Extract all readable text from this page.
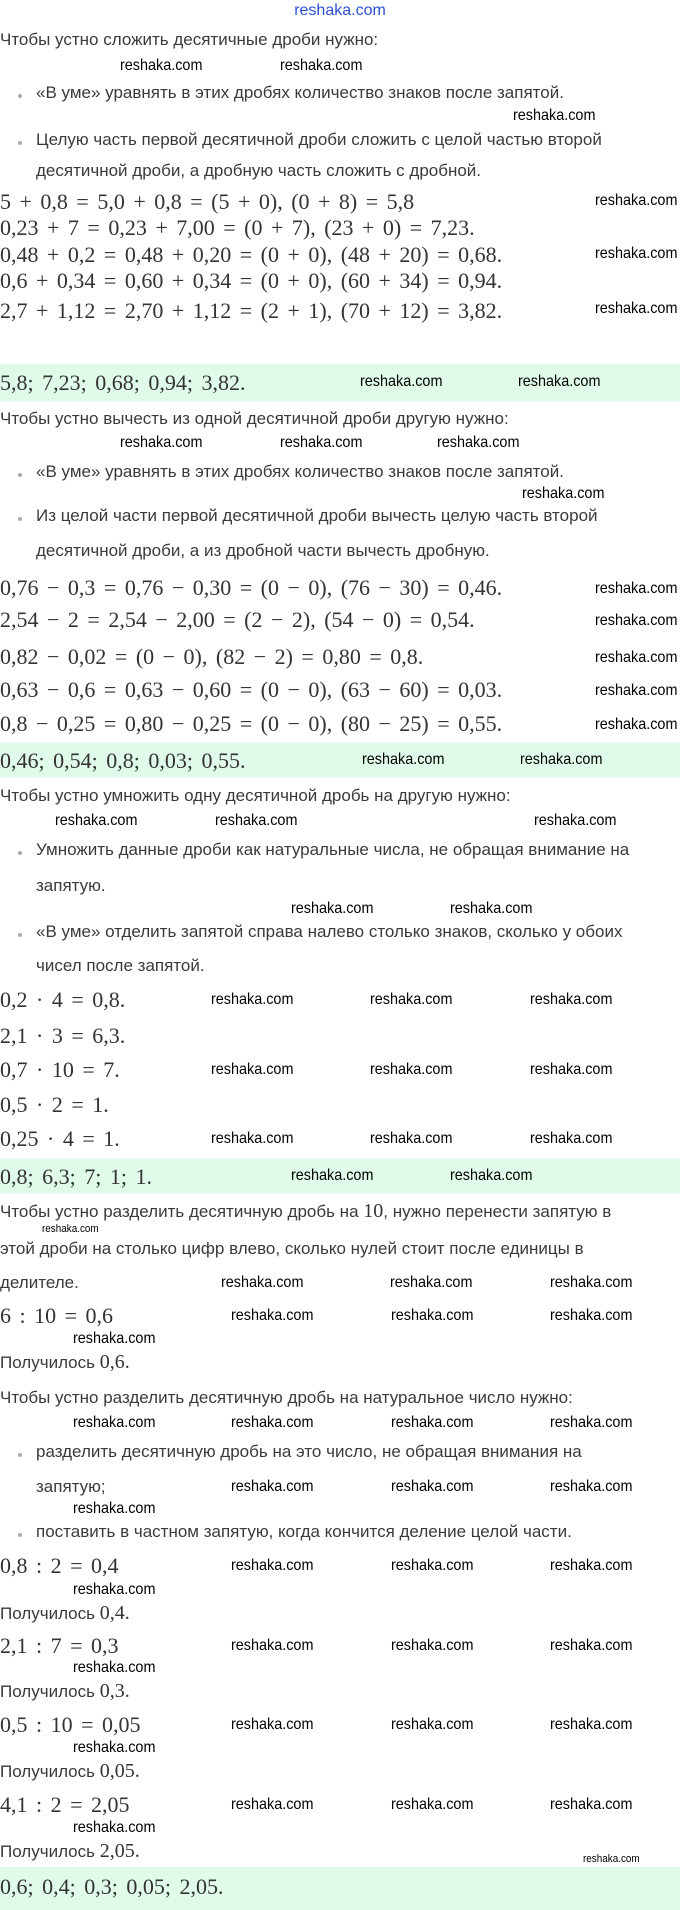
reshaka.com
Чтобы устно сложить десятичные дроби нужно:
«В уме» уравнять в этих дробях количество знаков после запятой.
Целую часть первой десятичной дроби сложить с целой частью второй
десятичной дроби, а дробную часть сложить с дробной.
5 + 0,8 = 5,0 + 0,8 = (5 + 0), (0 + 8) = 5,8
0,23 + 7 = 0,23 + 7,00 = (0 + 7), (23 + 0) = 7,23.
0,48 + 0,2 = 0,48 + 0,20 = (0 + 0), (48 + 20) = 0,68.
0,6 + 0,34 = 0,60 + 0,34 = (0 + 0), (60 + 34) = 0,94.
2,7 + 1,12 = 2,70 + 1,12 = (2 + 1), (70 + 12) = 3,82.
5,8; 7,23; 0,68; 0,94; 3,82.
Чтобы устно вычесть из одной десятичной дроби другую нужно:
«В уме» уравнять в этих дробях количество знаков после запятой.
Из целой части первой десятичной дроби вычесть целую часть второй
десятичной дроби, а из дробной части вычесть дробную.
0,76 − 0,3 = 0,76 − 0,30 = (0 − 0), (76 − 30) = 0,46.
2,54 − 2 = 2,54 − 2,00 = (2 − 2), (54 − 0) = 0,54.
0,82 − 0,02 = (0 − 0), (82 − 2) = 0,80 = 0,8.
0,63 − 0,6 = 0,63 − 0,60 = (0 − 0), (63 − 60) = 0,03.
0,8 − 0,25 = 0,80 − 0,25 = (0 − 0), (80 − 25) = 0,55.
0,46; 0,54; 0,8; 0,03; 0,55.
Чтобы устно умножить одну десятичной дробь на другую нужно:
Умножить данные дроби как натуральные числа, не обращая внимание на
запятую.
«В уме» отделить запятой справа налево столько знаков, сколько у обоих
чисел после запятой.
0,2 · 4 = 0,8.
2,1 · 3 = 6,3.
0,7 · 10 = 7.
0,5 · 2 = 1.
0,25 · 4 = 1.
0,8; 6,3; 7; 1; 1.
Чтобы устно разделить десятичную дробь на 10, нужно перенести запятую в
этой дроби на столько цифр влево, сколько нулей стоит после единицы в
делителе.
6 : 10 = 0,6
Получилось 0,6.
Чтобы устно разделить десятичную дробь на натуральное число нужно:
разделить десятичную дробь на это число, не обращая внимания на
запятую;
поставить в частном запятую, когда кончится деление целой части.
0,8 : 2 = 0,4
Получилось 0,4.
2,1 : 7 = 0,3
Получилось 0,3.
0,5 : 10 = 0,05
Получилось 0,05.
4,1 : 2 = 2,05
Получилось 2,05.
0,6; 0,4; 0,3; 0,05; 2,05.
reshaka.com	reshaka.com
reshaka.com
reshaka.com
reshaka.com
reshaka.com
reshaka.com	reshaka.com
reshaka.com	reshaka.com	reshaka.com
reshaka.com
reshaka.com
reshaka.com
reshaka.com
reshaka.com
reshaka.com
reshaka.com	reshaka.com
reshaka.com	reshaka.com	reshaka.com
reshaka.com	reshaka.com
reshaka.com	reshaka.com	reshaka.com
reshaka.com	reshaka.com	reshaka.com
reshaka.com	reshaka.com	reshaka.com
reshaka.com	reshaka.com
reshaka.com	reshaka.com	reshaka.com
reshaka.com	reshaka.com	reshaka.com
reshaka.com
reshaka.com	reshaka.com	reshaka.com	reshaka.com
reshaka.com	reshaka.com	reshaka.com
reshaka.com
reshaka.com	reshaka.com	reshaka.com
reshaka.com
reshaka.com	reshaka.com	reshaka.com
reshaka.com
reshaka.com	reshaka.com	reshaka.com
reshaka.com
reshaka.com	reshaka.com	reshaka.com
reshaka.com
reshaka.com
reshaka.com
